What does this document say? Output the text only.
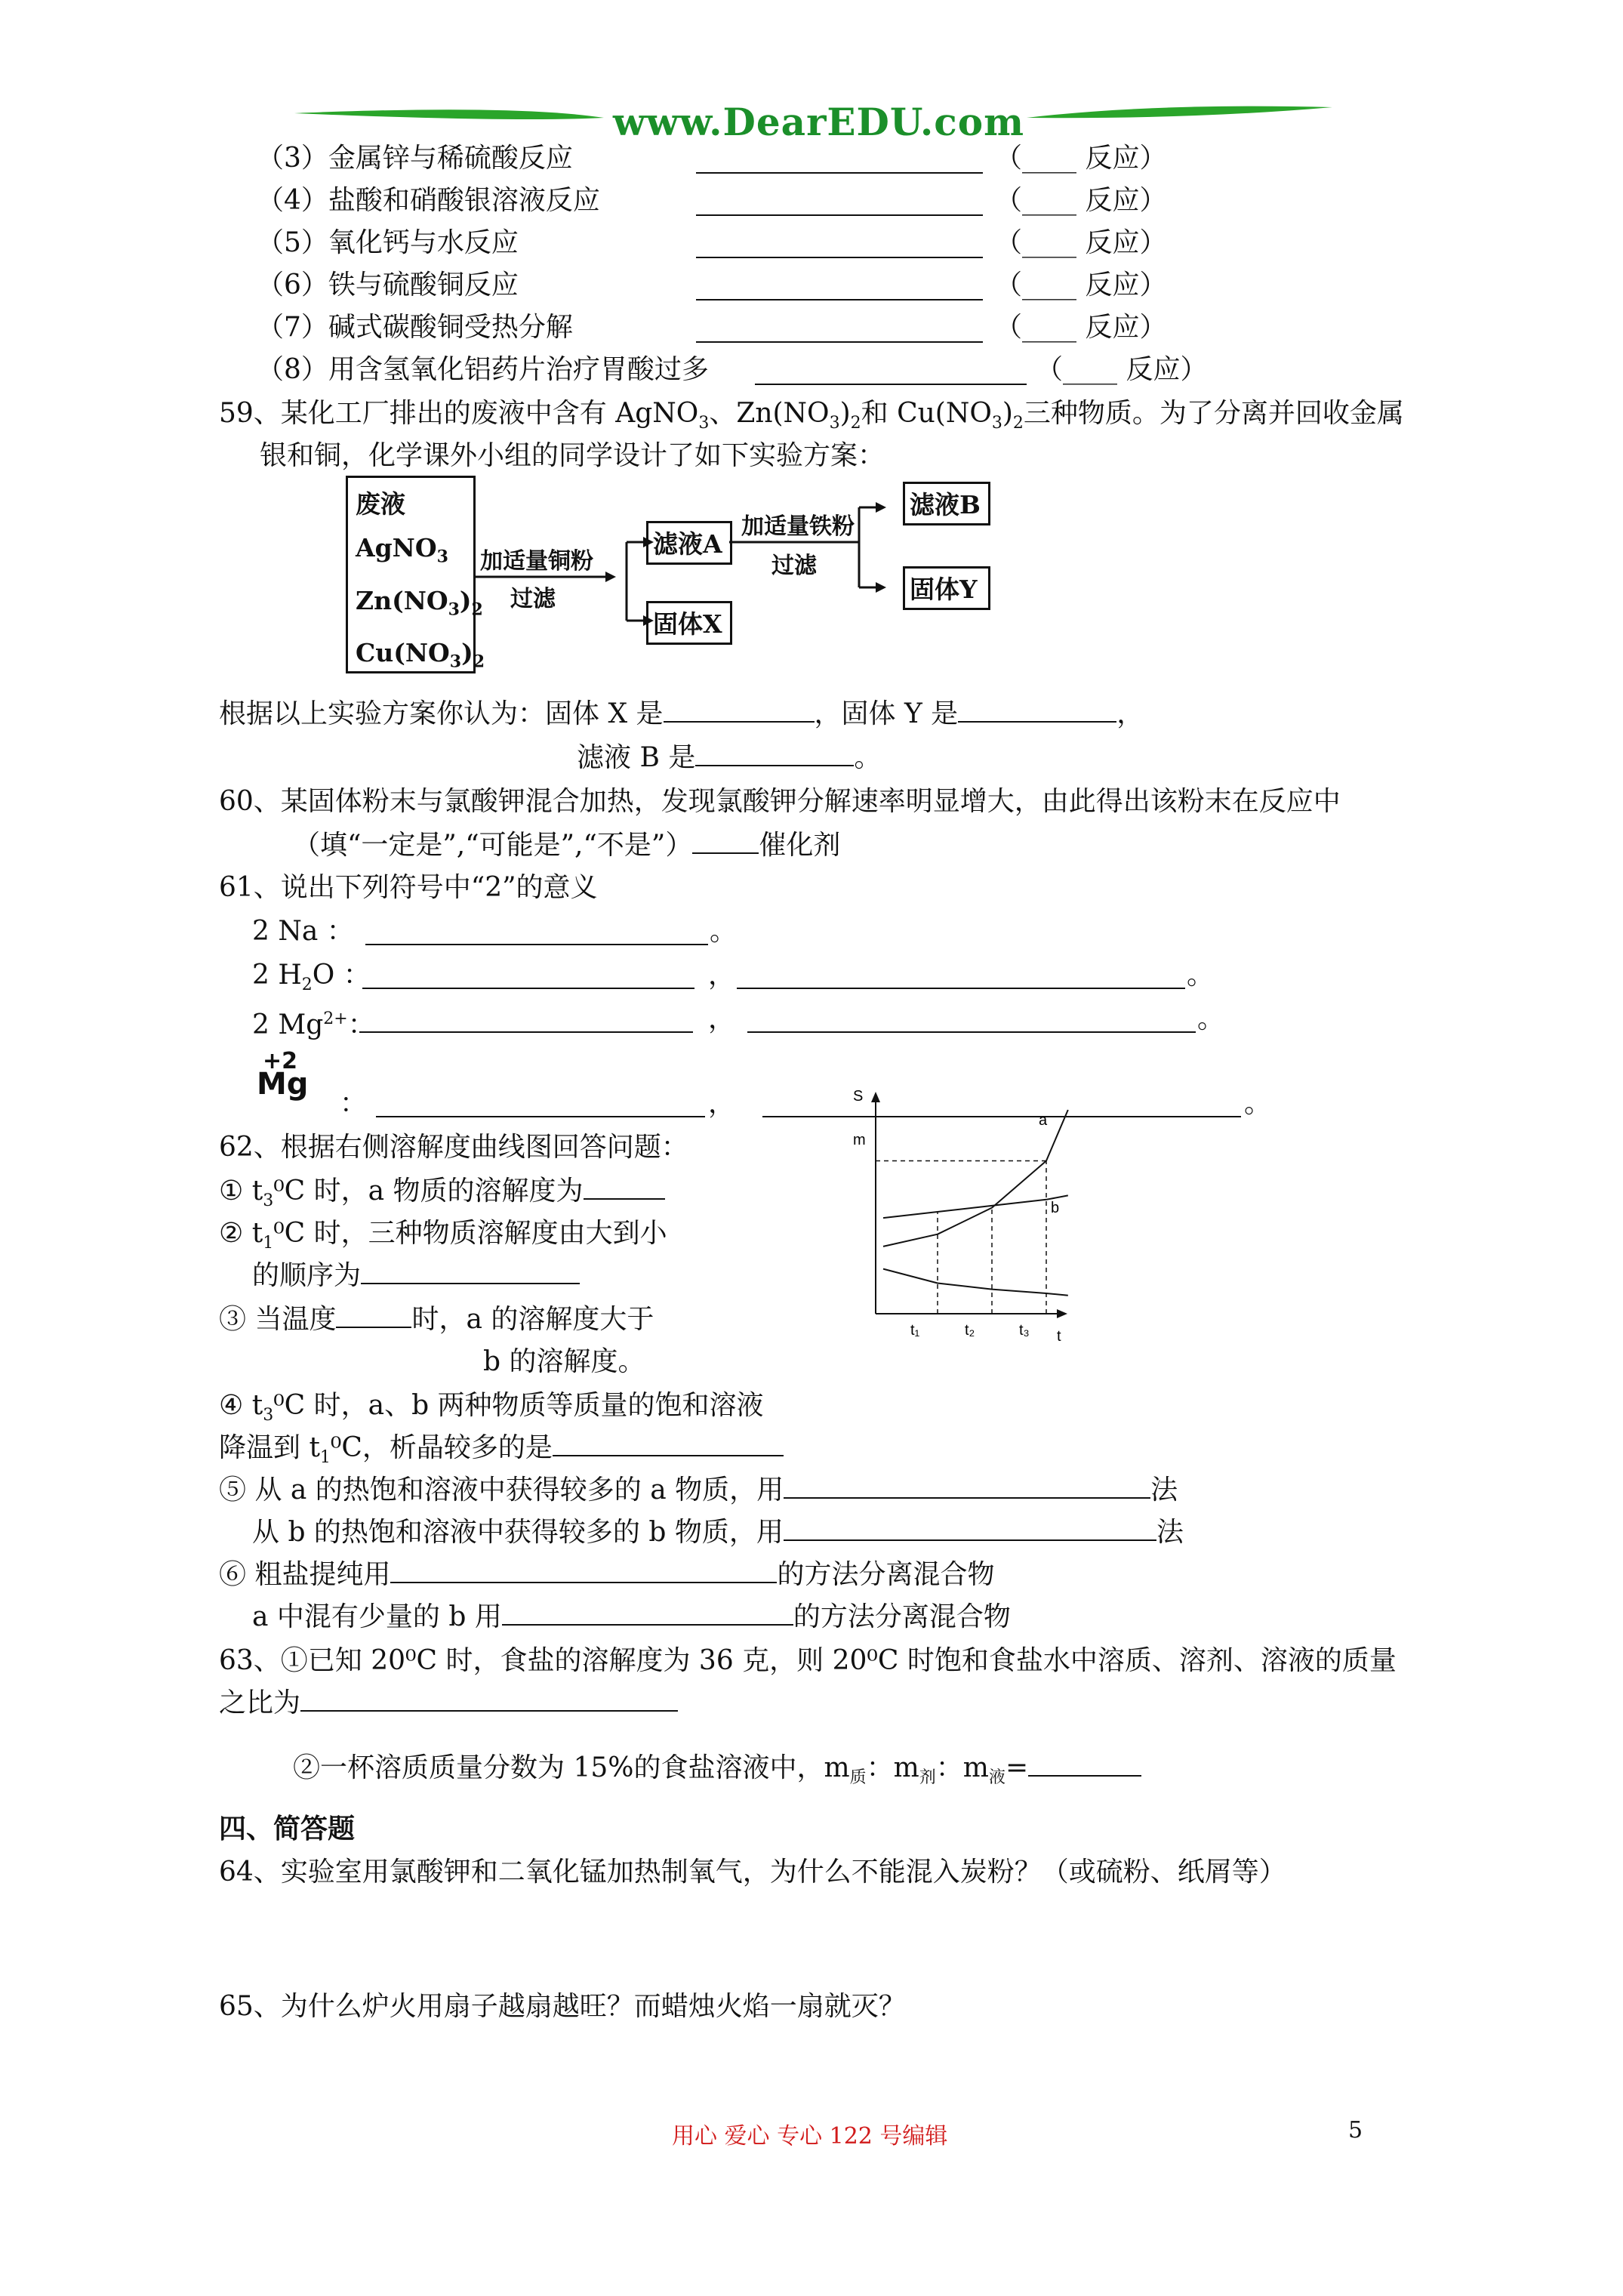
www.DearEDU.com
（3）金属锌与稀硫酸反应	（____ 反应）
（4）盐酸和硝酸银溶液反应	（____ 反应）
（5）氧化钙与水反应	（____ 反应）
（6）铁与硫酸铜反应	（____ 反应）
（7）碱式碳酸铜受热分解	（____ 反应）
（8）用含氢氧化铝药片治疗胃酸过多	（____ 反应）
59、某化工厂排出的废液中含有 AgNO$_3$、$Zn(NO_3)_2$和 $Cu(NO_3)_2$三种物质。为了分离并回收金属
银和铜，化学课外小组的同学设计了如下实验方案：
废液
AgNO$_3$
$Zn(NO_3)_2$
$Cu(NO_3)_2$
加适量铜粉
过滤
滤液A
固体X
加适量铁粉
过滤
滤液B
固体Y
根据以上实验方案你认为：固体 X 是	，固体 Y 是	，
滤液 B 是	。
60、某固体粉末与氯酸钾混合加热，发现氯酸钾分解速率明显增大，由此得出该粉末在反应中
（填“一定是”,“可能是”,“不是”） 催化剂
61、说出下列符号中“2”的意义
2 Na ：	。
2 $H_2O$ ：	，	。
2 $Mg^{2+}$：	，	。
+2
Mg
：	，	。
62、根据右侧溶解度曲线图回答问题：
① $t_3^0C$ 时，a 物质的溶解度为
② $t_1^0C$ 时，三种物质溶解度由大到小
的顺序为
③ 当温度	时，a 的溶解度大于
b 的溶解度。
④ $t_3^0C$ 时，a、b 两种物质等质量的饱和溶液
降温到 $t_1^0C$，析晶较多的是
⑤ 从 a 的热饱和溶液中获得较多的 a 物质，用	法
从 b 的热饱和溶液中获得较多的 b 物质，用	法
⑥ 粗盐提纯用	的方法分离混合物
a 中混有少量的 b 用	的方法分离混合物
S
t
m
t₁	t₂	t₃
a
b
63、①已知 20⁰C 时，食盐的溶解度为 36 克，则 20⁰C 时饱和食盐水中溶质、溶剂、溶液的质量
之比为
②一杯溶质质量分数为 15%的食盐溶液中，$m_质$：$m_剂$：$m_液=$
四、简答题
64、实验室用氯酸钾和二氧化锰加热制氧气，为什么不能混入炭粉？（或硫粉、纸屑等）
65、为什么炉火用扇子越扇越旺？而蜡烛火焰一扇就灭？
用心 爱心 专心 122 号编辑	5
